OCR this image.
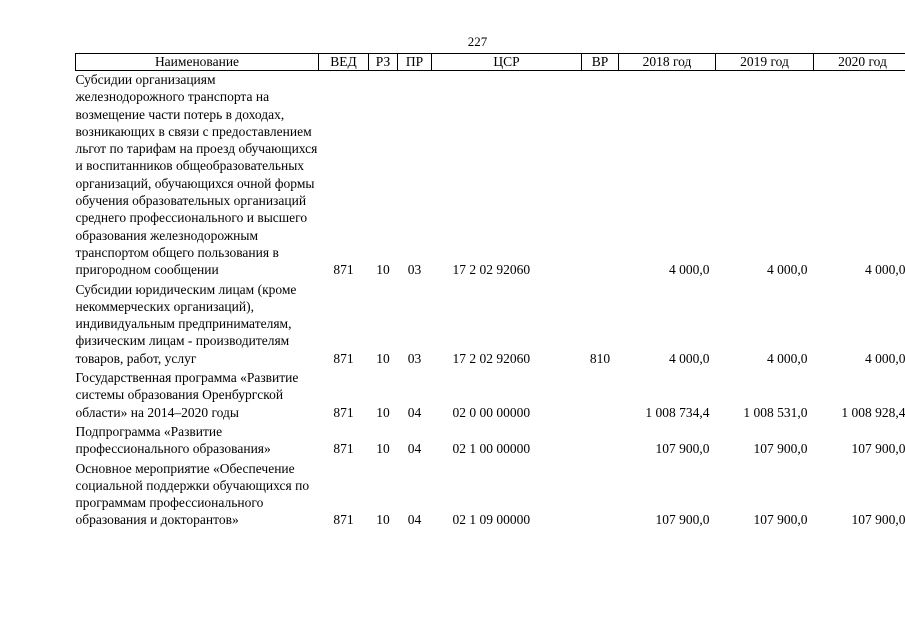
227
Наименование	ВЕД	РЗ	ПР	ЦСР	ВР	2018 год	2019 год	2020 год
Субсидии организациям железнодорожного транспорта на возмещение части потерь в доходах, возникающих в связи с предоставлением льгот по тарифам на проезд обучающихся и воспитанников общеобразовательных организаций, обучающихся очной формы обучения образовательных организаций среднего профессионального и высшего образования железнодорожным транспортом общего пользования в пригородном сообщении	871	10	03	17 2 02 92060		4 000,0	4 000,0	4 000,0
Субсидии юридическим лицам (кроме некоммерческих организаций), индивидуальным предпринимателям, физическим лицам - производителям товаров, работ, услуг	871	10	03	17 2 02 92060	810	4 000,0	4 000,0	4 000,0
Государственная программа «Развитие системы образования Оренбургской области» на 2014–2020 годы	871	10	04	02 0 00 00000		1 008 734,4	1 008 531,0	1 008 928,4
Подпрограмма «Развитие профессионального образования»	871	10	04	02 1 00 00000		107 900,0	107 900,0	107 900,0
Основное мероприятие «Обеспечение социальной поддержки обучающихся по программам профессионального образования и докторантов»	871	10	04	02 1 09 00000		107 900,0	107 900,0	107 900,0
